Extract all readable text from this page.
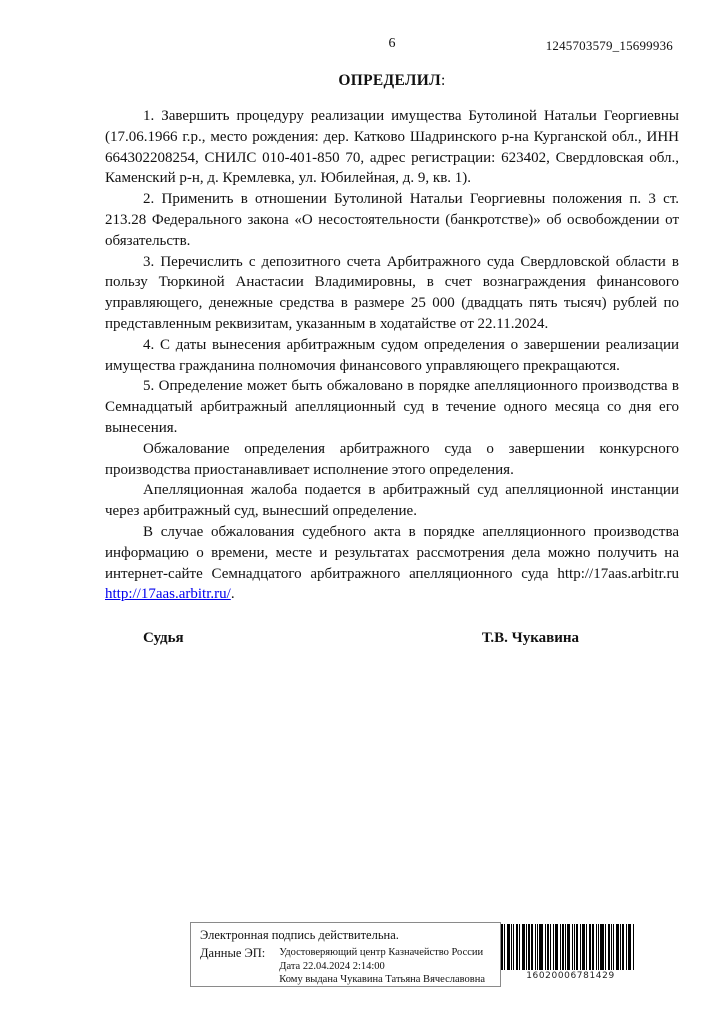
6	1245703579_15699936
ОПРЕДЕЛИЛ:

1. Завершить процедуру реализации имущества Бутолиной Натальи Георгиевны (17.06.1966 г.р., место рождения: дер. Катково Шадринского р-на Курганской обл., ИНН 664302208254, СНИЛС 010-401-850 70, адрес регистрации: 623402, Свердловская обл., Каменский р-н, д. Кремлевка, ул. Юбилейная, д. 9, кв. 1).

2. Применить в отношении Бутолиной Натальи Георгиевны положения п. 3 ст. 213.28 Федерального закона «О несостоятельности (банкротстве)» об освобождении от обязательств.

3. Перечислить с депозитного счета Арбитражного суда Свердловской области в пользу Тюркиной Анастасии Владимировны, в счет вознаграждения финансового управляющего, денежные средства в размере 25 000 (двадцать пять тысяч) рублей по представленным реквизитам, указанным в ходатайстве от 22.11.2024.

4. С даты вынесения арбитражным судом определения о завершении реализации имущества гражданина полномочия финансового управляющего прекращаются.

5. Определение может быть обжаловано в порядке апелляционного производства в Семнадцатый арбитражный апелляционный суд в течение одного месяца со дня его вынесения.

Обжалование определения арбитражного суда о завершении конкурсного производства приостанавливает исполнение этого определения.

Апелляционная жалоба подается в арбитражный суд апелляционной инстанции через арбитражный суд, вынесший определение.

В случае обжалования судебного акта в порядке апелляционного производства информацию о времени, месте и результатах рассмотрения дела можно получить на интернет-сайте Семнадцатого арбитражного апелляционного суда http://17aas.arbitr.ru http://17aas.arbitr.ru/.

Судья	Т.В. Чукавина
Электронная подпись действительна.
Данные ЭП: Удостоверяющий центр Казначейство России
Дата 22.04.2024 2:14:00
Кому выдана Чукавина Татьяна Вячеславовна	16020006781429
